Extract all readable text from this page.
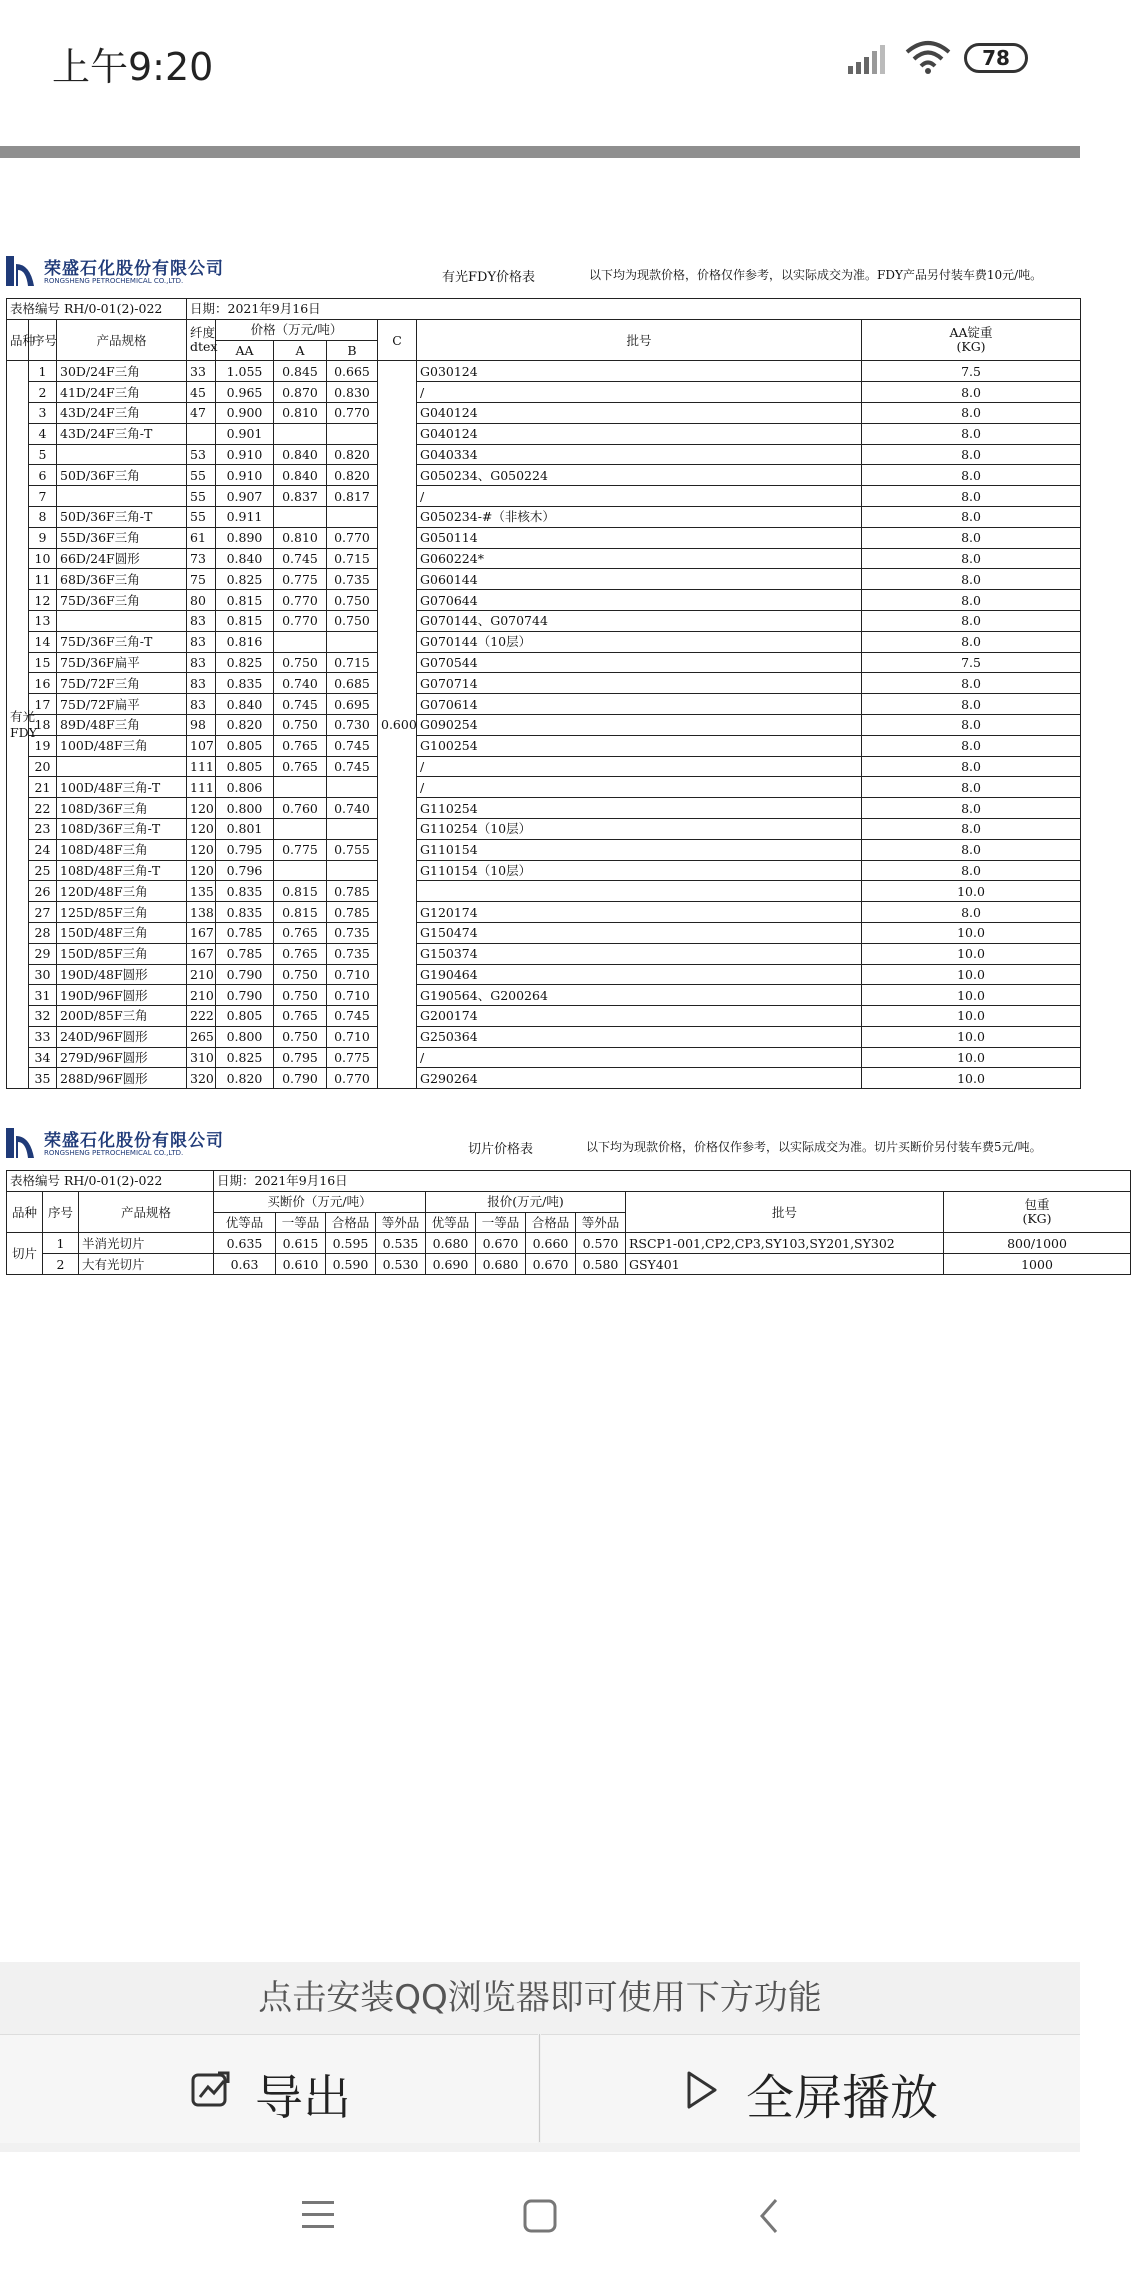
上午9:20	78
荣盛石化股份有限公司
RONGSHENG PETROCHEMICAL CO.,LTD.	有光FDY价格表	以下均为现款价格，价格仅作参考，以实际成交为准。FDY产品另付装车费10元/吨。
表格编号 RH/0-01(2)-022			日期：2021年9月16日						
品种	序号	产品规格	纤度
dtex	价格（万元/吨）			C	批号	AA锭重
(KG)
				AA	A	B			
有光
FDY	1	30D/24F三角	33	1.055	0.845	0.665	0.600	G030124	7.5
	2	41D/24F三角	45	0.965	0.870	0.830		/	8.0
	3	43D/24F三角	47	0.900	0.810	0.770		G040124	8.0
	4	43D/24F三角-T		0.901				G040124	8.0
	5		53	0.910	0.840	0.820		G040334	8.0
	6	50D/36F三角	55	0.910	0.840	0.820		G050234、G050224	8.0
	7		55	0.907	0.837	0.817		/	8.0
	8	50D/36F三角-T	55	0.911				G050234-#（非核木）	8.0
	9	55D/36F三角	61	0.890	0.810	0.770		G050114	8.0
	10	66D/24F圆形	73	0.840	0.745	0.715		G060224*	8.0
	11	68D/36F三角	75	0.825	0.775	0.735		G060144	8.0
	12	75D/36F三角	80	0.815	0.770	0.750		G070644	8.0
	13		83	0.815	0.770	0.750		G070144、G070744	8.0
	14	75D/36F三角-T	83	0.816				G070144（10层）	8.0
	15	75D/36F扁平	83	0.825	0.750	0.715		G070544	7.5
	16	75D/72F三角	83	0.835	0.740	0.685		G070714	8.0
	17	75D/72F扁平	83	0.840	0.745	0.695		G070614	8.0
	18	89D/48F三角	98	0.820	0.750	0.730		G090254	8.0
	19	100D/48F三角	107	0.805	0.765	0.745		G100254	8.0
	20		111	0.805	0.765	0.745		/	8.0
	21	100D/48F三角-T	111	0.806				/	8.0
	22	108D/36F三角	120	0.800	0.760	0.740		G110254	8.0
	23	108D/36F三角-T	120	0.801				G110254（10层）	8.0
	24	108D/48F三角	120	0.795	0.775	0.755		G110154	8.0
	25	108D/48F三角-T	120	0.796				G110154（10层）	8.0
	26	120D/48F三角	135	0.835	0.815	0.785			10.0
	27	125D/85F三角	138	0.835	0.815	0.785		G120174	8.0
	28	150D/48F三角	167	0.785	0.765	0.735		G150474	10.0
	29	150D/85F三角	167	0.785	0.765	0.735		G150374	10.0
	30	190D/48F圆形	210	0.790	0.750	0.710		G190464	10.0
	31	190D/96F圆形	210	0.790	0.750	0.710		G190564、G200264	10.0
	32	200D/85F三角	222	0.805	0.765	0.745		G200174	10.0
	33	240D/96F圆形	265	0.800	0.750	0.710		G250364	10.0
	34	279D/96F圆形	310	0.825	0.795	0.775		/	10.0
	35	288D/96F圆形	320	0.820	0.790	0.770		G290264	10.0
荣盛石化股份有限公司
RONGSHENG PETROCHEMICAL CO.,LTD.	切片价格表	以下均为现款价格，价格仅作参考，以实际成交为准。切片买断价另付装车费5元/吨。
表格编号 RH/0-01(2)-022			日期：2021年9月16日									
品种	序号	产品规格	买断价（万元/吨）				报价(万元/吨)				批号	包重
(KG)
			优等品	一等品	合格品	等外品	优等品	一等品	合格品	等外品		
切片	1	半消光切片	0.635	0.615	0.595	0.535	0.680	0.670	0.660	0.570	RSCP1-001,CP2,CP3,SY103,SY201,SY302	800/1000
	2	大有光切片	0.63	0.610	0.590	0.530	0.690	0.680	0.670	0.580	GSY401	1000
点击安装QQ浏览器即可使用下方功能
导出	全屏播放
